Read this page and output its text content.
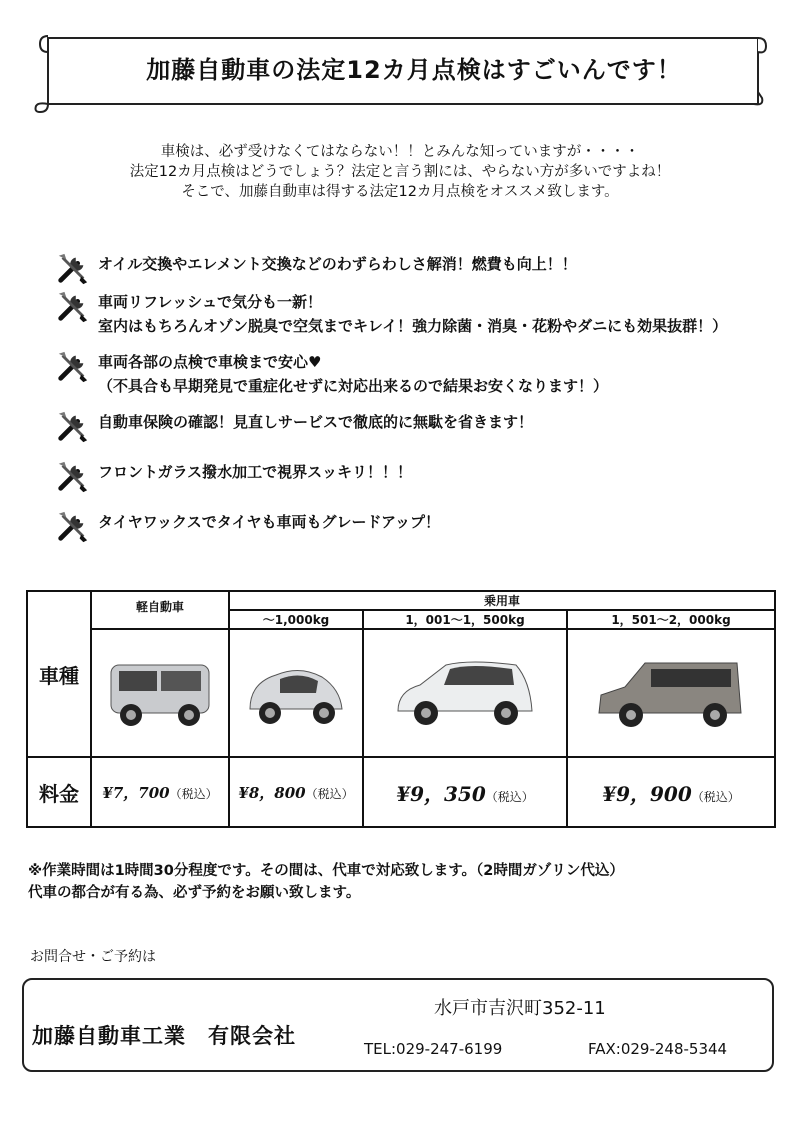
加藤自動車の法定12カ月点検はすごいんです！
車検は、必ず受けなくてはならない！！とみんな知っていますが・・・・
法定12カ月点検はどうでしょう？法定と言う割には、やらない方が多いですよね！
そこで、加藤自動車は得する法定12カ月点検をオススメ致します。
オイル交換やエレメント交換などのわずらわしさ解消！燃費も向上！！
車両リフレッシュで気分も一新！
室内はもちろんオゾン脱臭で空気までキレイ！強力除菌・消臭・花粉やダニにも効果抜群！）
車両各部の点検で車検まで安心♥
（不具合も早期発見で重症化せずに対応出来るので結果お安くなります！）
自動車保険の確認！見直しサービスで徹底的に無駄を省きます！
フロントガラス撥水加工で視界スッキリ！！！
タイヤワックスでタイヤも車両もグレードアップ！
車種	軽自動車	乗用車		
		～1,000kg	1，001～1，500kg	1，501～2，000kg

料金	¥7，700（税込）	¥8，800（税込）	¥9，350（税込）	¥9，900（税込）
※作業時間は1時間30分程度です。その間は、代車で対応致します。（2時間ガゾリン代込）
代車の都合が有る為、必ず予約をお願い致します。
お問合せ・ご予約は
加藤自動車工業　有限会社
水戸市吉沢町352-11
TEL:029-247-6199	FAX:029-248-5344
